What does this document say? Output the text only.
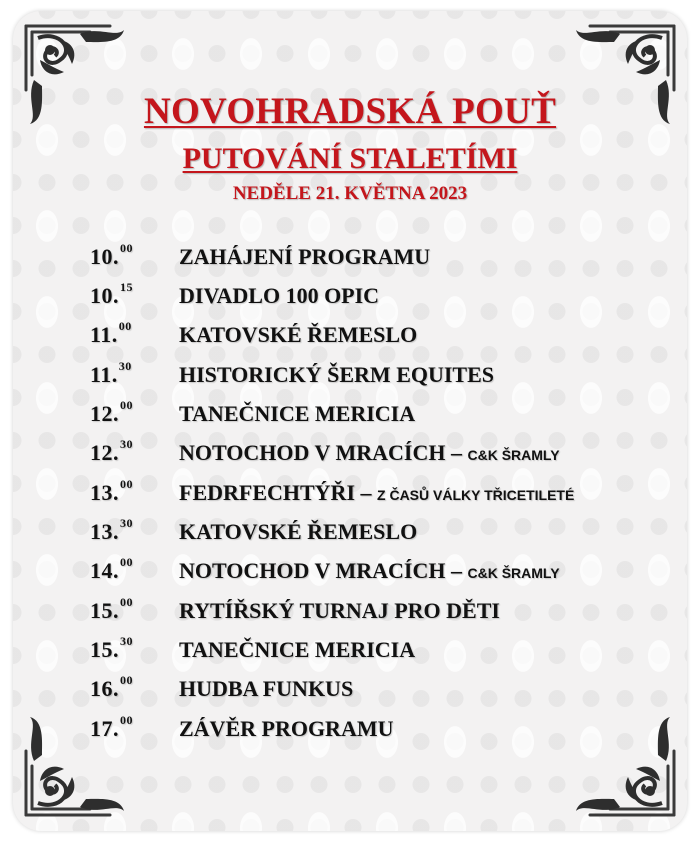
NOVOHRADSKÁ POUŤ
PUTOVÁNÍ STALETÍMI
NEDĚLE 21. KVĚTNA 2023
10.00 ZAHÁJENÍ PROGRAMU
10.15 DIVADLO 100 OPIC
11.00 KATOVSKÉ ŘEMESLO
11.30 HISTORICKÝ ŠERM EQUITES
12.00 TANEČNICE MERICIA
12.30 NOTOCHOD V MRACÍCH – C&K ŠRAMLY
13.00 FEDRFECHTÝŘI – Z ČASŮ VÁLKY TŘICETILETÉ
13.30 KATOVSKÉ ŘEMESLO
14.00 NOTOCHOD V MRACÍCH – C&K ŠRAMLY
15.00 RYTÍŘSKÝ TURNAJ PRO DĚTI
15.30 TANEČNICE MERICIA
16.00 HUDBA FUNKUS
17.00 ZÁVĚR PROGRAMU
